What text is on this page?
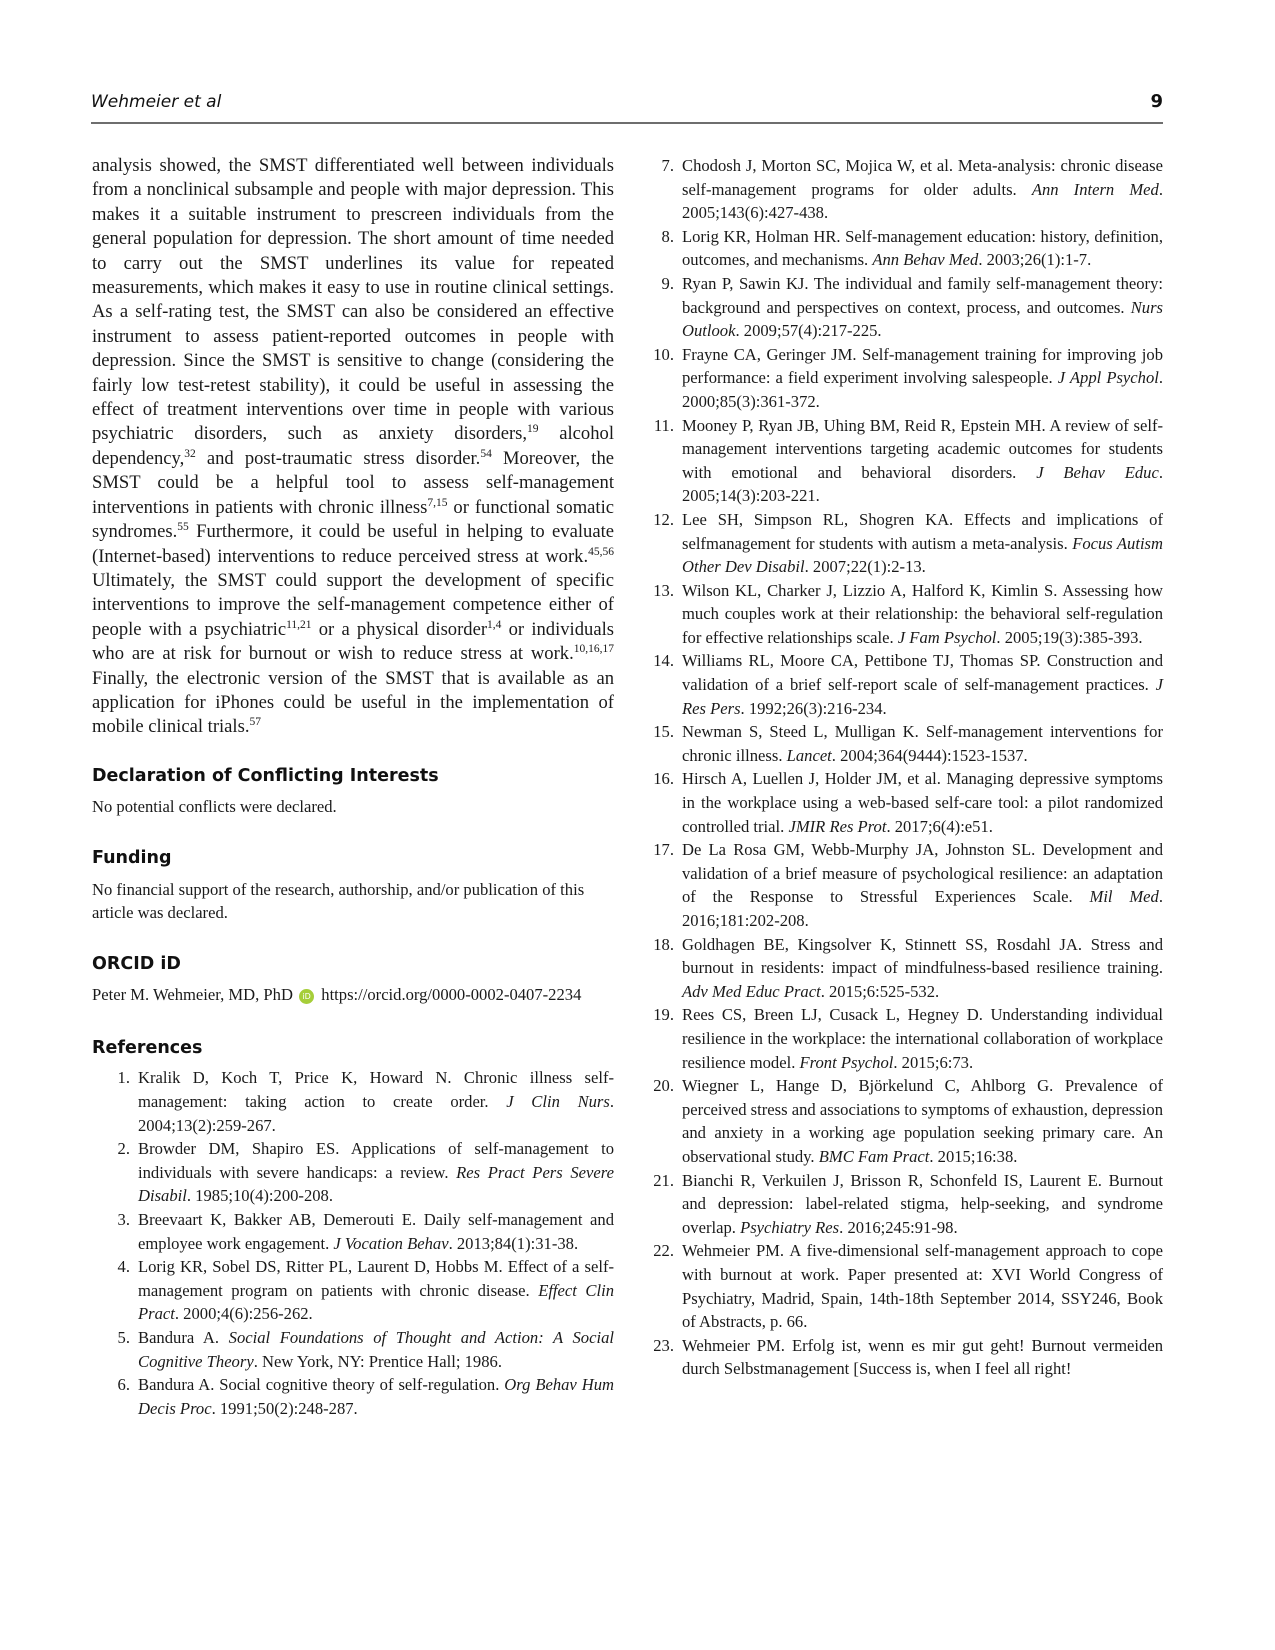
Wehmeier et al	9

analysis showed, the SMST differentiated well between individuals from a nonclinical subsample and people with major depression. This makes it a suitable instrument to prescreen individuals from the general population for depression. The short amount of time needed to carry out the SMST underlines its value for repeated measurements, which makes it easy to use in routine clinical settings. As a self-rating test, the SMST can also be considered an effective instrument to assess patient-reported outcomes in people with depression. Since the SMST is sensitive to change (considering the fairly low test-retest stability), it could be useful in assessing the effect of treatment interventions over time in people with various psychiatric disorders, such as anxiety disorders,$^{19}$ alcohol dependency,$^{32}$ and post-traumatic stress disorder.$^{54}$ Moreover, the SMST could be a helpful tool to assess self-management interventions in patients with chronic illness$^{7,15}$ or functional somatic syndromes.$^{55}$ Furthermore, it could be useful in helping to evaluate (Internet-based) interventions to reduce perceived stress at work.$^{45,56}$ Ultimately, the SMST could support the development of specific interventions to improve the self-management competence either of people with a psychiatric$^{11,21}$ or a physical disorder$^{1,4}$ or individuals who are at risk for burnout or wish to reduce stress at work.$^{10,16,17}$ Finally, the electronic version of the SMST that is available as an application for iPhones could be useful in the implementation of mobile clinical trials.$^{57}$

Declaration of Conflicting Interests

No potential conflicts were declared.

Funding

No financial support of the research, authorship, and/or publication of this article was declared.

ORCID iD

Peter M. Wehmeier, MD, PhD iD https://orcid.org/0000-0002-0407-2234

References
1. Kralik D, Koch T, Price K, Howard N. Chronic illness self-management: taking action to create order. J Clin Nurs. 2004;13(2):259-267.
2. Browder DM, Shapiro ES. Applications of self-management to individuals with severe handicaps: a review. Res Pract Pers Severe Disabil. 1985;10(4):200-208.
3. Breevaart K, Bakker AB, Demerouti E. Daily self-management and employee work engagement. J Vocation Behav. 2013;84(1):31-38.
4. Lorig KR, Sobel DS, Ritter PL, Laurent D, Hobbs M. Effect of a self-management program on patients with chronic disease. Effect Clin Pract. 2000;4(6):256-262.
5. Bandura A. Social Foundations of Thought and Action: A Social Cognitive Theory. New York, NY: Prentice Hall; 1986.
6. Bandura A. Social cognitive theory of self-regulation. Org Behav Hum Decis Proc. 1991;50(2):248-287.
7. Chodosh J, Morton SC, Mojica W, et al. Meta-analysis: chronic disease self-management programs for older adults. Ann Intern Med. 2005;143(6):427-438.
8. Lorig KR, Holman HR. Self-management education: history, definition, outcomes, and mechanisms. Ann Behav Med. 2003;26(1):1-7.
9. Ryan P, Sawin KJ. The individual and family self-management theory: background and perspectives on context, process, and outcomes. Nurs Outlook. 2009;57(4):217-225.
10. Frayne CA, Geringer JM. Self-management training for improving job performance: a field experiment involving salespeople. J Appl Psychol. 2000;85(3):361-372.
11. Mooney P, Ryan JB, Uhing BM, Reid R, Epstein MH. A review of self-management interventions targeting academic outcomes for students with emotional and behavioral disorders. J Behav Educ. 2005;14(3):203-221.
12. Lee SH, Simpson RL, Shogren KA. Effects and implications of selfmanagement for students with autism a meta-analysis. Focus Autism Other Dev Disabil. 2007;22(1):2-13.
13. Wilson KL, Charker J, Lizzio A, Halford K, Kimlin S. Assessing how much couples work at their relationship: the behavioral self-regulation for effective relationships scale. J Fam Psychol. 2005;19(3):385-393.
14. Williams RL, Moore CA, Pettibone TJ, Thomas SP. Construction and validation of a brief self-report scale of self-management practices. J Res Pers. 1992;26(3):216-234.
15. Newman S, Steed L, Mulligan K. Self-management interventions for chronic illness. Lancet. 2004;364(9444):1523-1537.
16. Hirsch A, Luellen J, Holder JM, et al. Managing depressive symptoms in the workplace using a web-based self-care tool: a pilot randomized controlled trial. JMIR Res Prot. 2017;6(4):e51.
17. De La Rosa GM, Webb-Murphy JA, Johnston SL. Development and validation of a brief measure of psychological resilience: an adaptation of the Response to Stressful Experiences Scale. Mil Med. 2016;181:202-208.
18. Goldhagen BE, Kingsolver K, Stinnett SS, Rosdahl JA. Stress and burnout in residents: impact of mindfulness-based resilience training. Adv Med Educ Pract. 2015;6:525-532.
19. Rees CS, Breen LJ, Cusack L, Hegney D. Understanding individual resilience in the workplace: the international collaboration of workplace resilience model. Front Psychol. 2015;6:73.
20. Wiegner L, Hange D, Björkelund C, Ahlborg G. Prevalence of perceived stress and associations to symptoms of exhaustion, depression and anxiety in a working age population seeking primary care. An observational study. BMC Fam Pract. 2015;16:38.
21. Bianchi R, Verkuilen J, Brisson R, Schonfeld IS, Laurent E. Burnout and depression: label-related stigma, help-seeking, and syndrome overlap. Psychiatry Res. 2016;245:91-98.
22. Wehmeier PM. A five-dimensional self-management approach to cope with burnout at work. Paper presented at: XVI World Congress of Psychiatry, Madrid, Spain, 14th-18th September 2014, SSY246, Book of Abstracts, p. 66.
23. Wehmeier PM. Erfolg ist, wenn es mir gut geht! Burnout vermeiden durch Selbstmanagement [Success is, when I feel all right!
